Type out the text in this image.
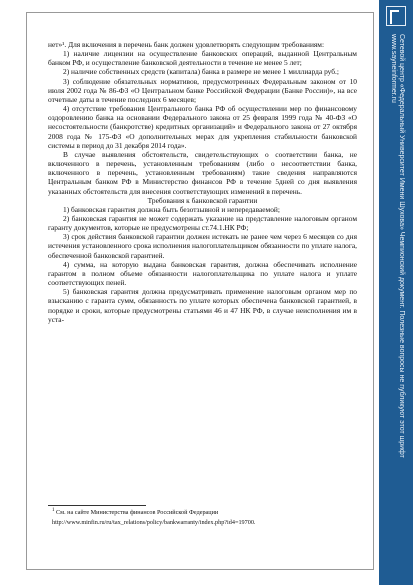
Сетевой центр «Федеральный Университет Имени Шухова» Чемпионский документ. Полезные вопросы не публикуют этот шрифт
www.sayneinformer.ru

нет»¹. Для включения в перечень банк должен удовлетворять следующим требованиям:

1) наличие лицензии на осуществление банковских операций, выданной Центральным банком РФ, и осуществление банковской деятельности в течение не менее 5 лет;

2) наличие собственных средств (капитала) банка в размере не менее 1 миллиарда руб.;

3) соблюдение обязательных нормативов, предусмотренных Федеральным законом от 10 июля 2002 года № 86-ФЗ «О Центральном банке Российской Федерации (Банке России)», на все отчетные даты в течение последних 6 месяцев;

4) отсутствие требования Центрального банка РФ об осуществлении мер по финансовому оздоровлению банка на основании Федерального закона от 25 февраля 1999 года № 40-ФЗ «О несостоятельности (банкротстве) кредитных организаций» и Федерального закона от 27 октября 2008 года № 175-ФЗ «О дополнительных мерах для укрепления стабильности банковской системы в период до 31 декабря 2014 года».

В случае выявления обстоятельств, свидетельствующих о соответствии банка, не включенного в перечень, установленным требованиям (либо о несоответствии банка, включенного в перечень, установленным требованиям) такие сведения направляются Центральным банком РФ в Министерство финансов РФ в течение 5дней со дня выявления указанных обстоятельств для внесения соответствующих изменений в перечень.

Требования к банковской гарантии

1) банковская гарантия должна быть безотзывной и непередаваемой;

2) банковская гарантия не может содержать указание на представление налоговым органом гаранту документов, которые не предусмотрены ст.74.1.НК РФ;

3) срок действия банковской гарантии должен истекать не ранее чем через 6 месяцев со дня истечения установленного срока исполнения налогоплательщиком обязанности по уплате налога, обеспеченной банковской гарантией.

4) сумма, на которую выдана банковская гарантия, должна обеспечивать исполнение гарантом в полном объеме обязанности налогоплательщика по уплате налога и уплате соответствующих пеней.

5) банковская гарантия должна предусматривать применение налоговым органом мер по взысканию с гаранта сумм, обязанность по уплате которых обеспечена банковской гарантией, в порядке и сроки, которые предусмотрены статьями 46 и 47 НК РФ, в случае неисполнения им в уста-

$^1$ См. на сайте Министерства финансов Российской Федерации

http://www.minfin.ru/ru/tax_relations/policy/bankwarranty/index.php?id4=19700.
